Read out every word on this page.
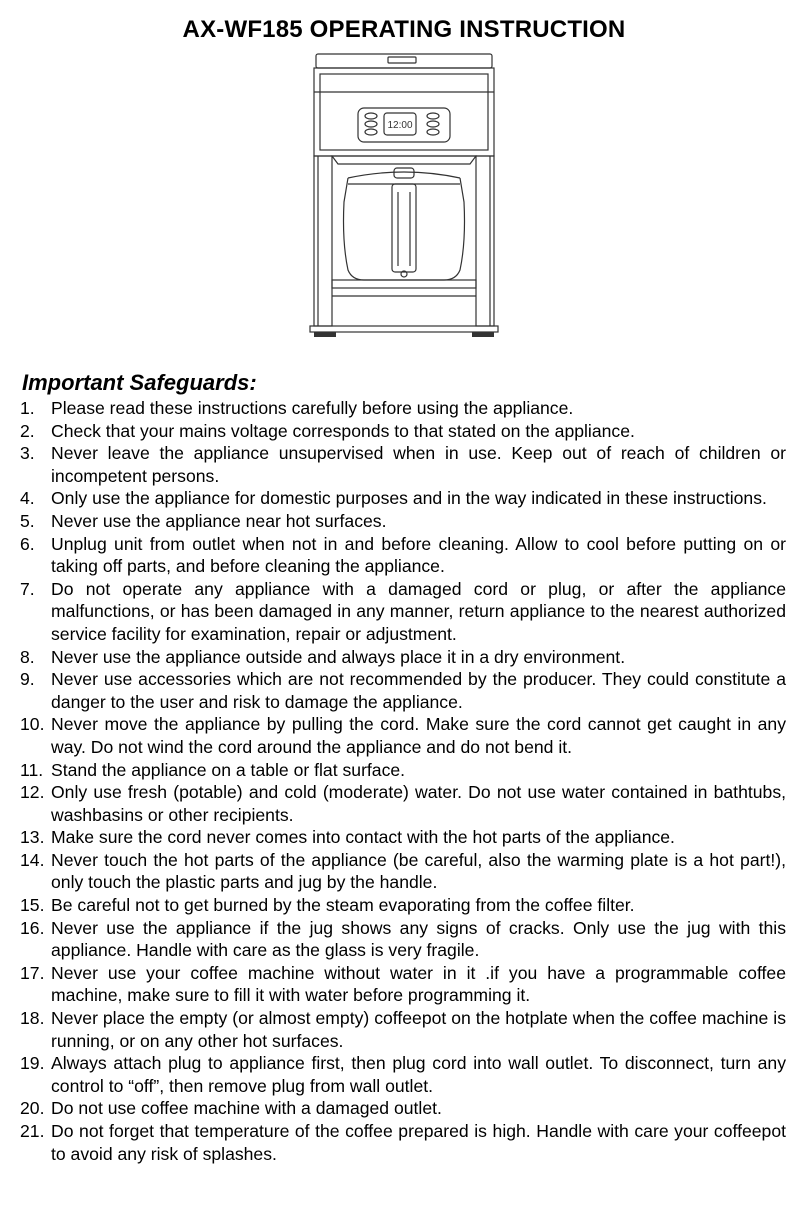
AX-WF185 OPERATING INSTRUCTION
12:00
Important Safeguards:
1. Please read these instructions carefully before using the appliance.
2. Check that your mains voltage corresponds to that stated on the appliance.
3. Never leave the appliance unsupervised when in use. Keep out of reach of children or incompetent persons.
4. Only use the appliance for domestic purposes and in the way indicated in these instructions.
5. Never use the appliance near hot surfaces.
6. Unplug unit from outlet when not in and before cleaning. Allow to cool before putting on or taking off parts, and before cleaning the appliance.
7. Do not operate any appliance with a damaged cord or plug, or after the appliance malfunctions, or has been damaged in any manner, return appliance to the nearest authorized service facility for examination, repair or adjustment.
8. Never use the appliance outside and always place it in a dry environment.
9. Never use accessories which are not recommended by the producer. They could constitute a danger to the user and risk to damage the appliance.
10. Never move the appliance by pulling the cord. Make sure the cord cannot get caught in any way. Do not wind the cord around the appliance and do not bend it.
11. Stand the appliance on a table or flat surface.
12. Only use fresh (potable) and cold (moderate) water. Do not use water contained in bathtubs, washbasins or other recipients.
13. Make sure the cord never comes into contact with the hot parts of the appliance.
14. Never touch the hot parts of the appliance (be careful, also the warming plate is a hot part!), only touch the plastic parts and jug by the handle.
15. Be careful not to get burned by the steam evaporating from the coffee filter.
16. Never use the appliance if the jug shows any signs of cracks. Only use the jug with this appliance. Handle with care as the glass is very fragile.
17. Never use your coffee machine without water in it .if you have a programmable coffee machine, make sure to fill it with water before programming it.
18. Never place the empty (or almost empty) coffeepot on the hotplate when the coffee machine is running, or on any other hot surfaces.
19. Always attach plug to appliance first, then plug cord into wall outlet. To disconnect, turn any control to “off”, then remove plug from wall outlet.
20. Do not use coffee machine with a damaged outlet.
21. Do not forget that temperature of the coffee prepared is high. Handle with care your coffeepot to avoid any risk of splashes.
